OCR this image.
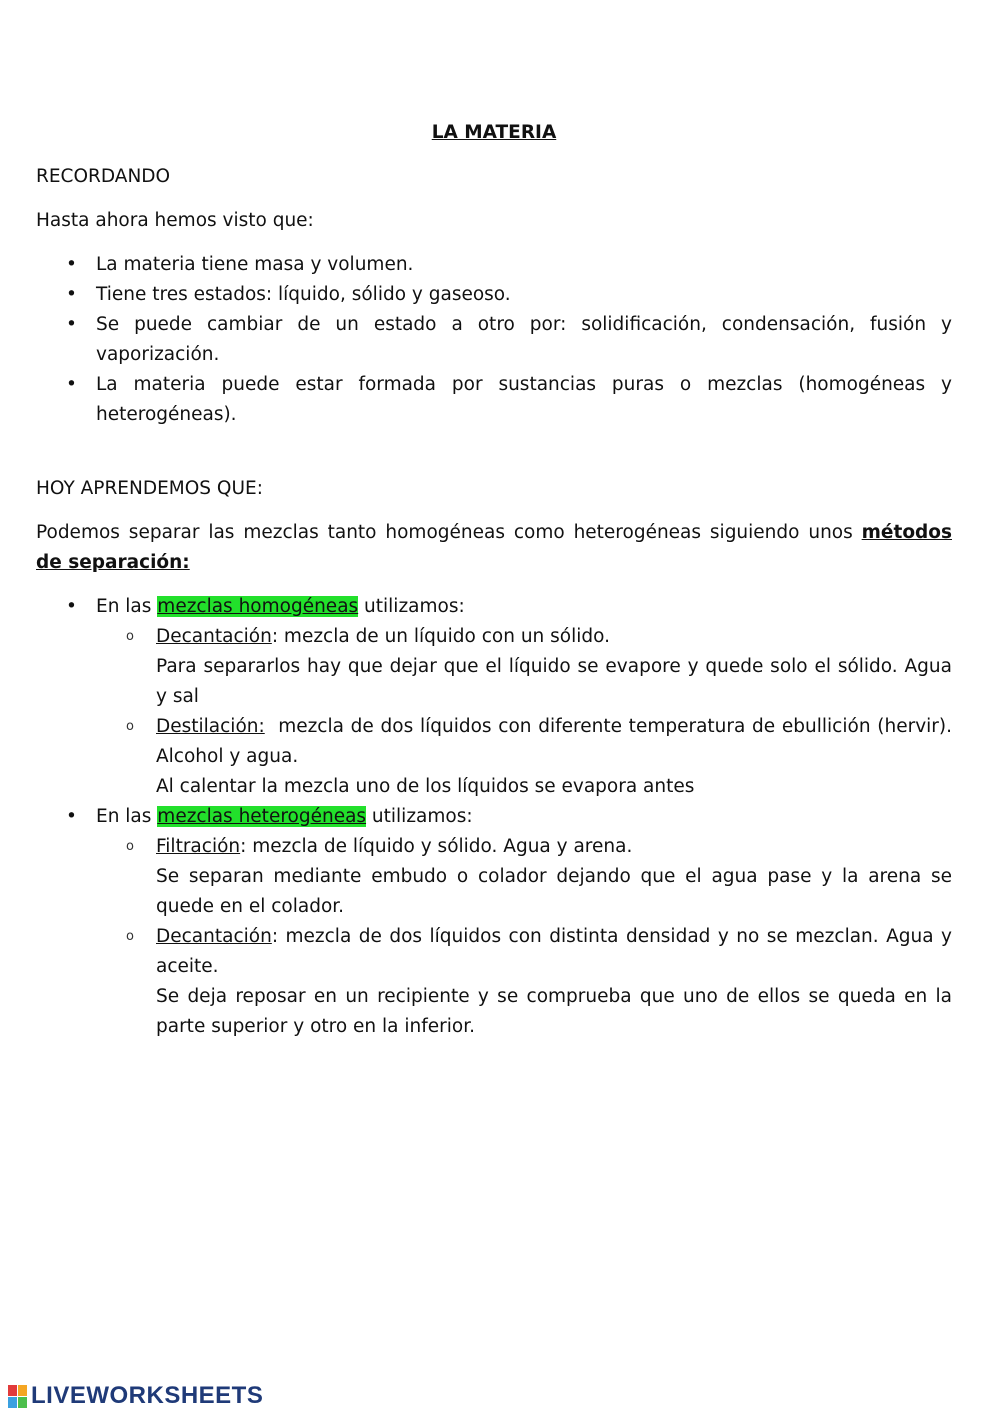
LA MATERIA
RECORDANDO
Hasta ahora hemos visto que:
• La materia tiene masa y volumen.
• Tiene tres estados: líquido, sólido y gaseoso.
• Se puede cambiar de un estado a otro por: solidificación, condensación, fusión y vaporización.
• La materia puede estar formada por sustancias puras o mezclas (homogéneas y heterogéneas).
HOY APRENDEMOS QUE:
Podemos separar las mezclas tanto homogéneas como heterogéneas siguiendo unos métodos de separación:
• En las mezclas homogéneas utilizamos:
o Decantación: mezcla de un líquido con un sólido.
Para separarlos hay que dejar que el líquido se evapore y quede solo el sólido. Agua y sal
o Destilación:  mezcla de dos líquidos con diferente temperatura de ebullición (hervir). Alcohol y agua.
Al calentar la mezcla uno de los líquidos se evapora antes
• En las mezclas heterogéneas utilizamos:
o Filtración: mezcla de líquido y sólido. Agua y arena.
Se separan mediante embudo o colador dejando que el agua pase y la arena se quede en el colador.
o Decantación: mezcla de dos líquidos con distinta densidad y no se mezclan. Agua y aceite.
Se deja reposar en un recipiente y se comprueba que uno de ellos se queda en la parte superior y otro en la inferior.
LIVEWORKSHEETS
